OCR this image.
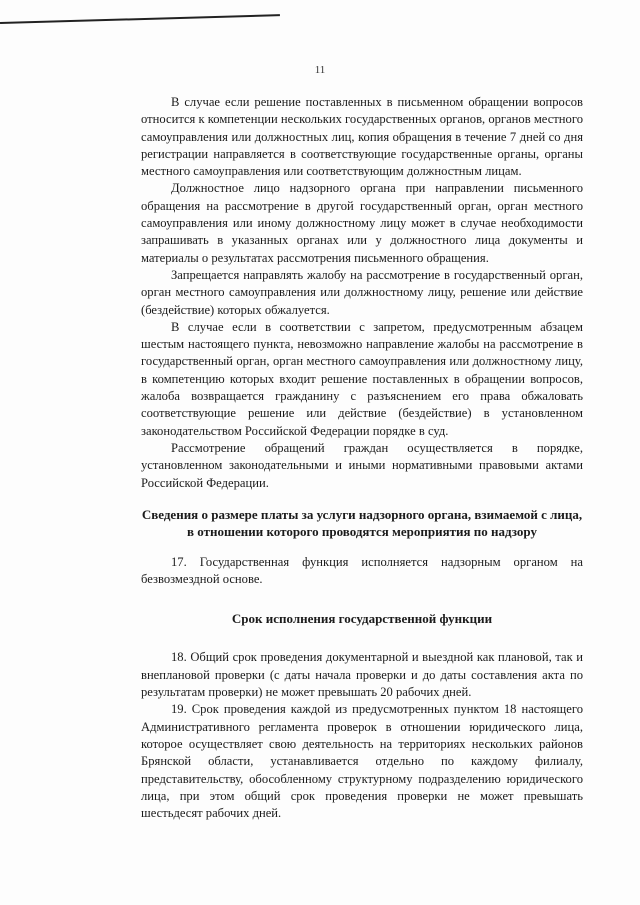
11

В случае если решение поставленных в письменном обращении вопросов относится к компетенции нескольких государственных органов, органов местного самоуправления или должностных лиц, копия обращения в течение 7 дней со дня регистрации направляется в соответствующие государственные органы, органы местного самоуправления или соответствующим должностным лицам.

Должностное лицо надзорного органа при направлении письменного обращения на рассмотрение в другой государственный орган, орган местного самоуправления или иному должностному лицу может в случае необходимости запрашивать в указанных органах или у должностного лица документы и материалы о результатах рассмотрения письменного обращения.

Запрещается направлять жалобу на рассмотрение в государственный орган, орган местного самоуправления или должностному лицу, решение или действие (бездействие) которых обжалуется.

В случае если в соответствии с запретом, предусмотренным абзацем шестым настоящего пункта, невозможно направление жалобы на рассмотрение в государственный орган, орган местного самоуправления или должностному лицу, в компетенцию которых входит решение поставленных в обращении вопросов, жалоба возвращается гражданину с разъяснением его права обжаловать соответствующие решение или действие (бездействие) в установленном законодательством Российской Федерации порядке в суд.

Рассмотрение обращений граждан осуществляется в порядке, установленном законодательными и иными нормативными правовыми актами Российской Федерации.

Сведения о размере платы за услуги надзорного органа, взимаемой с лица, в отношении которого проводятся мероприятия по надзору

17. Государственная функция исполняется надзорным органом на безвозмездной основе.

Срок исполнения государственной функции

18. Общий срок проведения документарной и выездной как плановой, так и внеплановой проверки (с даты начала проверки и до даты составления акта по результатам проверки) не может превышать 20 рабочих дней.

19. Срок проведения каждой из предусмотренных пунктом 18 настоящего Административного регламента проверок в отношении юридического лица, которое осуществляет свою деятельность на территориях нескольких районов Брянской области, устанавливается отдельно по каждому филиалу, представительству, обособленному структурному подразделению юридического лица, при этом общий срок проведения проверки не может превышать шестьдесят рабочих дней.
